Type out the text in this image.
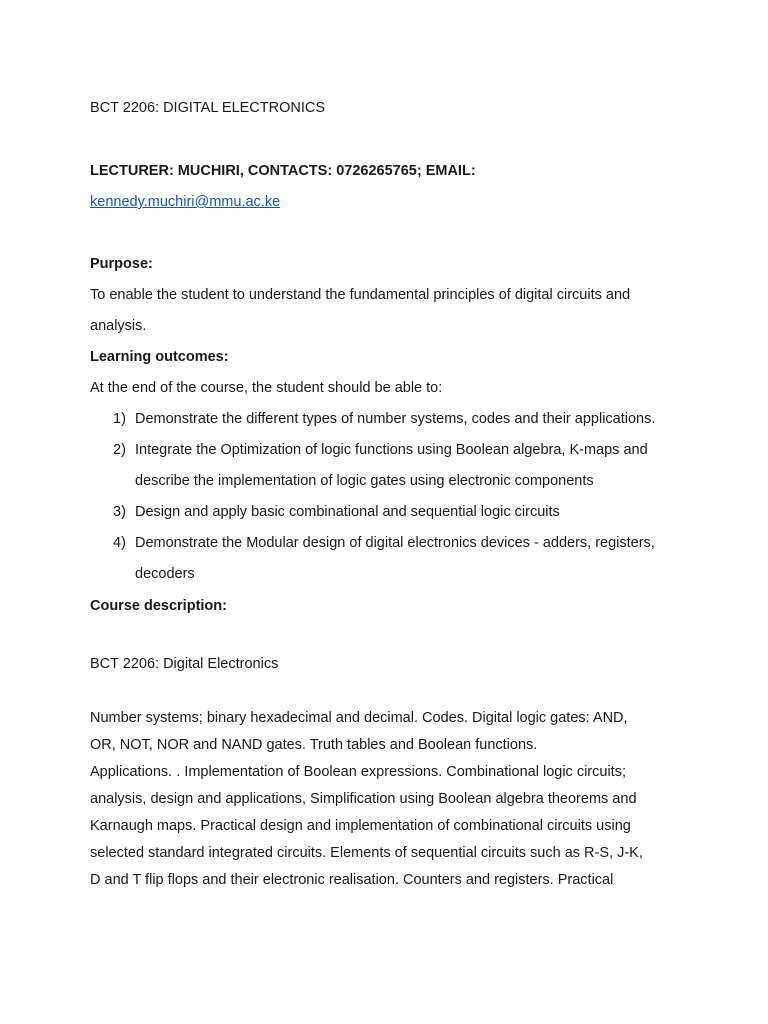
BCT 2206: DIGITAL ELECTRONICS
LECTURER: MUCHIRI, CONTACTS: 0726265765; EMAIL:
kennedy.muchiri@mmu.ac.ke
Purpose:
To enable the student to understand the fundamental principles of digital circuits and
analysis.
Learning outcomes:
At the end of the course, the student should be able to:
1) Demonstrate the different types of number systems, codes and their applications.
2) Integrate the Optimization of logic functions using Boolean algebra, K-maps and
describe the implementation of logic gates using electronic components
3) Design and apply basic combinational and sequential logic circuits
4) Demonstrate the Modular design of digital electronics devices - adders, registers,
decoders
Course description:
BCT 2206: Digital Electronics
Number systems; binary hexadecimal and decimal. Codes. Digital logic gates: AND,
OR, NOT, NOR and NAND gates. Truth tables and Boolean functions.
Applications. . Implementation of Boolean expressions. Combinational logic circuits;
analysis, design and applications, Simplification using Boolean algebra theorems and
Karnaugh maps. Practical design and implementation of combinational circuits using
selected standard integrated circuits. Elements of sequential circuits such as R-S, J-K,
D and T flip flops and their electronic realisation. Counters and registers. Practical
